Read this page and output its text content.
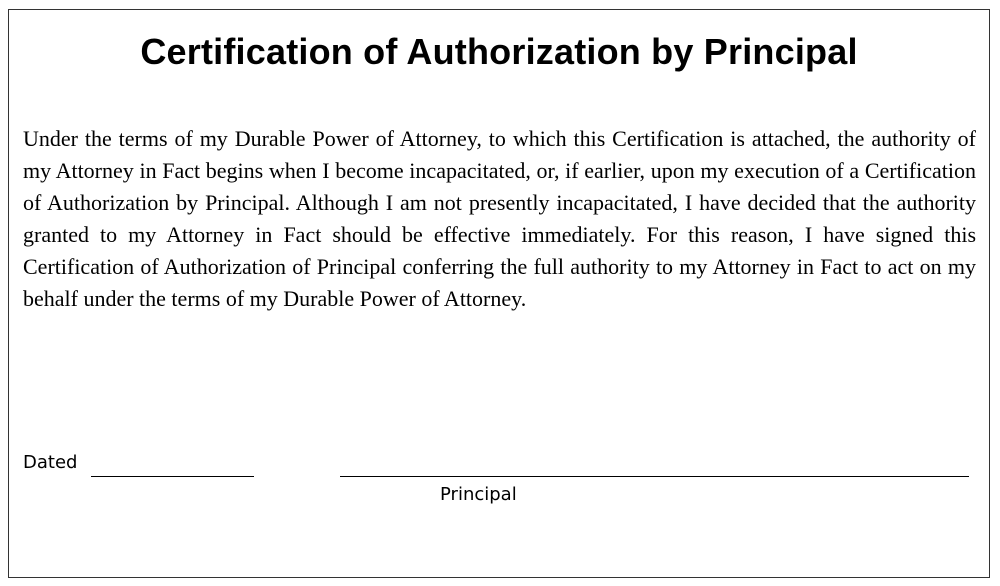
Certification of Authorization by Principal

Under the terms of my Durable Power of Attorney, to which this Certification is attached, the authority of my Attorney in Fact begins when I become incapacitated, or, if earlier, upon my execution of a Certification of Authorization by Principal. Although I am not presently incapacitated, I have decided that the authority granted to my Attorney in Fact should be effective immediately. For this reason, I have signed this Certification of Authorization of Principal conferring the full authority to my Attorney in Fact to act on my behalf under the terms of my Durable Power of Attorney.

Dated
Principal
